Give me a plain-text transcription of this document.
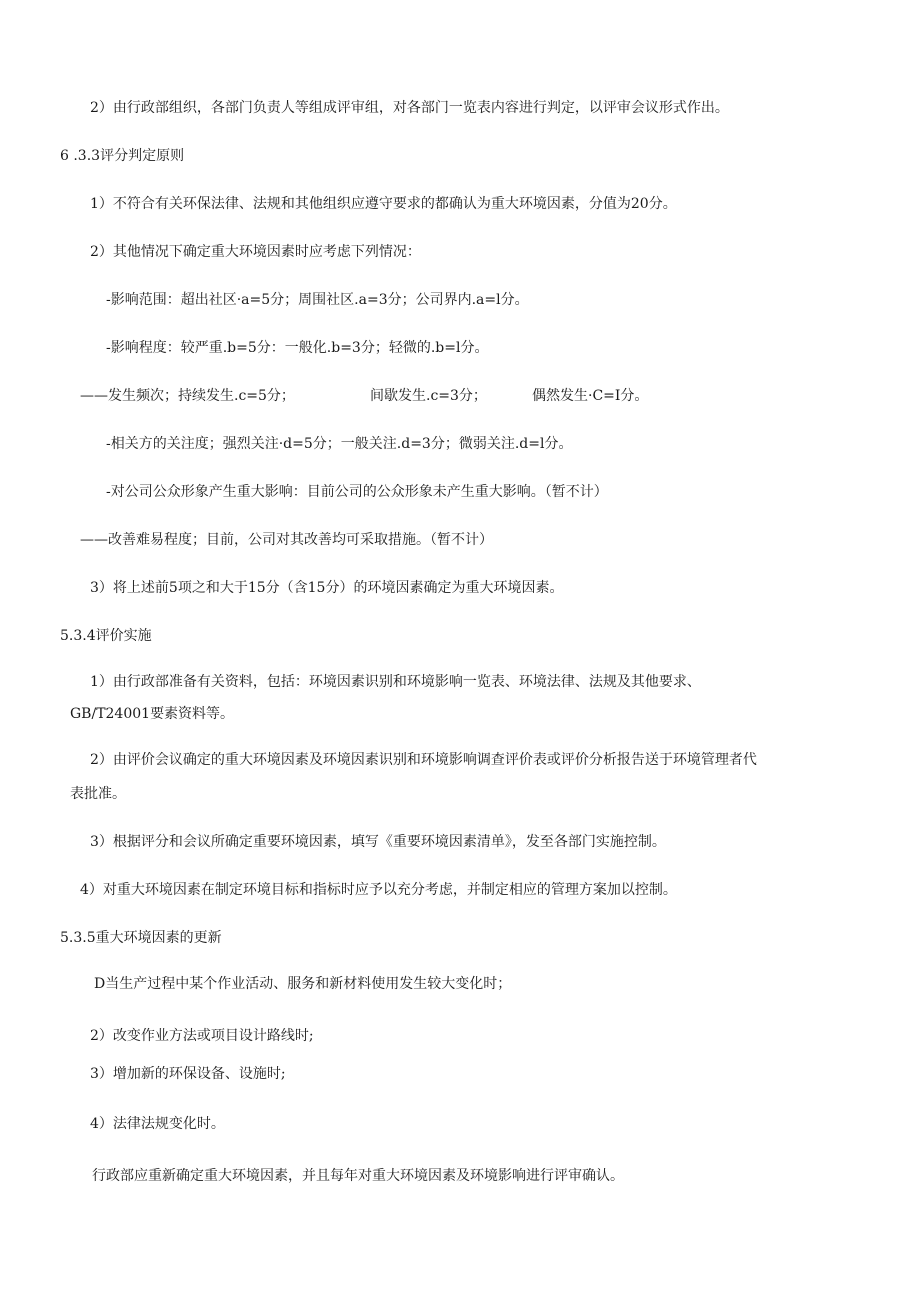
2）由行政部组织，各部门负责人等组成评审组，对各部门一览表内容进行判定，以评审会议形式作出。
6 .3.3评分判定原则
1）不符合有关环保法律、法规和其他组织应遵守要求的都确认为重大环境因素，分值为20分。
2）其他情况下确定重大环境因素时应考虑下列情况：
-影响范围：超出社区·a=5分；周围社区.a=3分；公司界内.a=l分。
-影响程度：较严重.b=5分：一般化.b=3分；轻微的.b=l分。
——发生频次；持续发生.c=5分；	间歇发生.c=3分；	偶然发生·C=I分。
-相关方的关注度；强烈关注·d=5分；一般关注.d=3分；微弱关注.d=l分。
-对公司公众形象产生重大影响：目前公司的公众形象未产生重大影响。（暂不计）
——改善难易程度；目前，公司对其改善均可采取措施。（暂不计）
3）将上述前5项之和大于15分（含15分）的环境因素确定为重大环境因素。
5.3.4评价实施
1）由行政部准备有关资料，包括：环境因素识别和环境影响一览表、环境法律、法规及其他要求、
GB/T24001要素资料等。
2）由评价会议确定的重大环境因素及环境因素识别和环境影响调查评价表或评价分析报告送于环境管理者代
表批准。
3）根据评分和会议所确定重要环境因素，填写《重要环境因素清单》，发至各部门实施控制。
4）对重大环境因素在制定环境目标和指标时应予以充分考虑，并制定相应的管理方案加以控制。
5.3.5重大环境因素的更新
D当生产过程中某个作业活动、服务和新材料使用发生较大变化时；
2）改变作业方法或项目设计路线时;
3）增加新的环保设备、设施时;
4）法律法规变化时。
行政部应重新确定重大环境因素，并且每年对重大环境因素及环境影响进行评审确认。
